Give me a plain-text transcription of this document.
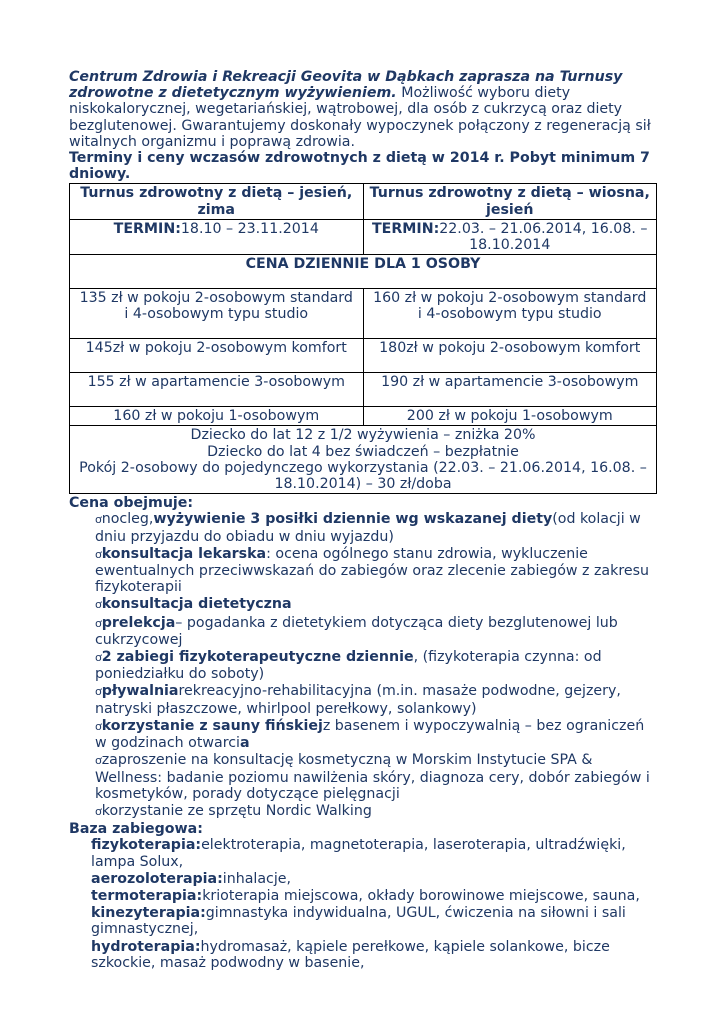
Centrum Zdrowia i Rekreacji Geovita w Dąbkach zaprasza na Turnusy zdrowotne z dietetycznym wyżywieniem. Możliwość wyboru diety niskokalorycznej, wegetariańskiej, wątrobowej, dla osób z cukrzycą oraz diety bezglutenowej. Gwarantujemy doskonały wypoczynek połączony z regeneracją sił witalnych organizmu i poprawą zdrowia.

Terminy i ceny wczasów zdrowotnych z dietą w 2014 r. Pobyt minimum 7 dniowy.

Turnus zdrowotny z dietą – jesień, zima	Turnus zdrowotny z dietą – wiosna, jesień
TERMIN:18.10 – 23.11.2014	TERMIN:22.03. – 21.06.2014, 16.08. – 18.10.2014
CENA DZIENNIE DLA 1 OSOBY	
135 zł w pokoju 2-osobowym standard i 4-osobowym typu studio	160 zł w pokoju 2-osobowym standard i 4-osobowym typu studio
145zł w pokoju 2-osobowym komfort	180zł w pokoju 2-osobowym komfort
155 zł w apartamencie 3-osobowym	190 zł w apartamencie 3-osobowym
160 zł w pokoju 1-osobowym	200 zł w pokoju 1-osobowym

Dziecko do lat 12 z 1/2 wyżywienia – zniżka 20%
Dziecko do lat 4 bez świadczeń – bezpłatnie
Pokój 2-osobowy do pojedynczego wykorzystania (22.03. – 21.06.2014, 16.08. – 18.10.2014) – 30 zł/doba	

Cena obejmuje:

ơnocleg,wyżywienie 3 posiłki dziennie wg wskazanej diety(od kolacji w dniu przyjazdu do obiadu w dniu wyjazdu)
ơkonsultacja lekarska: ocena ogólnego stanu zdrowia, wykluczenie ewentualnych przeciwwskazań do zabiegów oraz zlecenie zabiegów z zakresu fizykoterapii
ơkonsultacja dietetyczna
ơprelekcja– pogadanka z dietetykiem dotycząca diety bezglutenowej lub cukrzycowej
ơ2 zabiegi fizykoterapeutyczne dziennie, (fizykoterapia czynna: od poniedziałku do soboty)
ơpływalniarekreacyjno-rehabilitacyjna (m.in. masaże podwodne, gejzery, natryski płaszczowe, whirlpool perełkowy, solankowy)
ơkorzystanie z sauny fińskiejz basenem i wypoczywalnią – bez ograniczeń w godzinach otwarcia
ơzaproszenie na konsultację kosmetyczną w Morskim Instytucie SPA & Wellness: badanie poziomu nawilżenia skóry, diagnoza cery, dobór zabiegów i kosmetyków, porady dotyczące pielęgnacji
ơkorzystanie ze sprzętu Nordic Walking

Baza zabiegowa:

fizykoterapia:elektroterapia, magnetoterapia, laseroterapia, ultradźwięki, lampa Solux,

aerozoloterapia:inhalacje,

termoterapia:krioterapia miejscowa, okłady borowinowe miejscowe, sauna,

kinezyterapia:gimnastyka indywidualna, UGUL, ćwiczenia na siłowni i sali gimnastycznej,

hydroterapia:hydromasaż, kąpiele perełkowe, kąpiele solankowe, bicze szkockie, masaż podwodny w basenie,
